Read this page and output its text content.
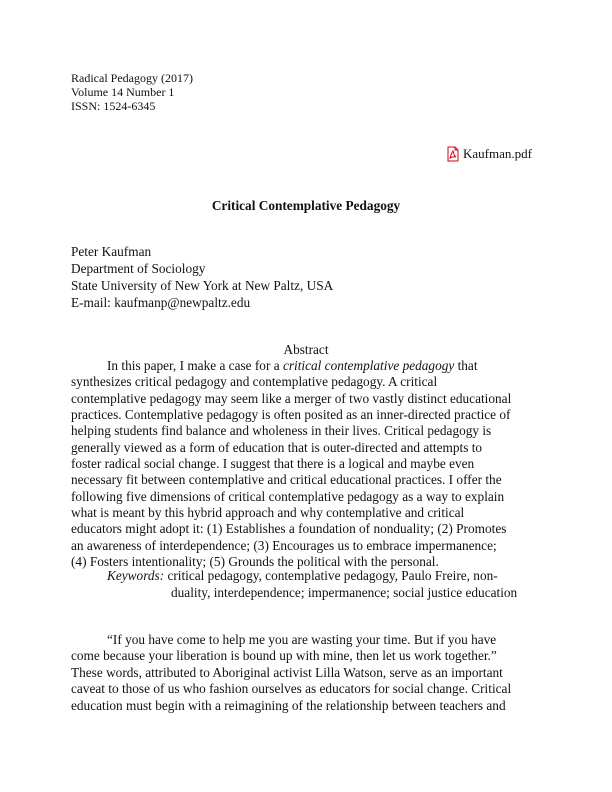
Radical Pedagogy (2017)
Volume 14 Number 1
ISSN: 1524-6345
Kaufman.pdf
Critical Contemplative Pedagogy
Peter Kaufman
Department of Sociology
State University of New York at New Paltz, USA
E-mail: kaufmanp@newpaltz.edu
Abstract
In this paper, I make a case for a critical contemplative pedagogy that
synthesizes critical pedagogy and contemplative pedagogy. A critical
contemplative pedagogy may seem like a merger of two vastly distinct educational
practices. Contemplative pedagogy is often posited as an inner-directed practice of
helping students find balance and wholeness in their lives. Critical pedagogy is
generally viewed as a form of education that is outer-directed and attempts to
foster radical social change. I suggest that there is a logical and maybe even
necessary fit between contemplative and critical educational practices. I offer the
following five dimensions of critical contemplative pedagogy as a way to explain
what is meant by this hybrid approach and why contemplative and critical
educators might adopt it: (1) Establishes a foundation of nonduality; (2) Promotes
an awareness of interdependence; (3) Encourages us to embrace impermanence;
(4) Fosters intentionality; (5) Grounds the political with the personal.
Keywords: critical pedagogy, contemplative pedagogy, Paulo Freire, non-
duality, interdependence; impermanence; social justice education
“If you have come to help me you are wasting your time. But if you have
come because your liberation is bound up with mine, then let us work together.”
These words, attributed to Aboriginal activist Lilla Watson, serve as an important
caveat to those of us who fashion ourselves as educators for social change. Critical
education must begin with a reimagining of the relationship between teachers and
